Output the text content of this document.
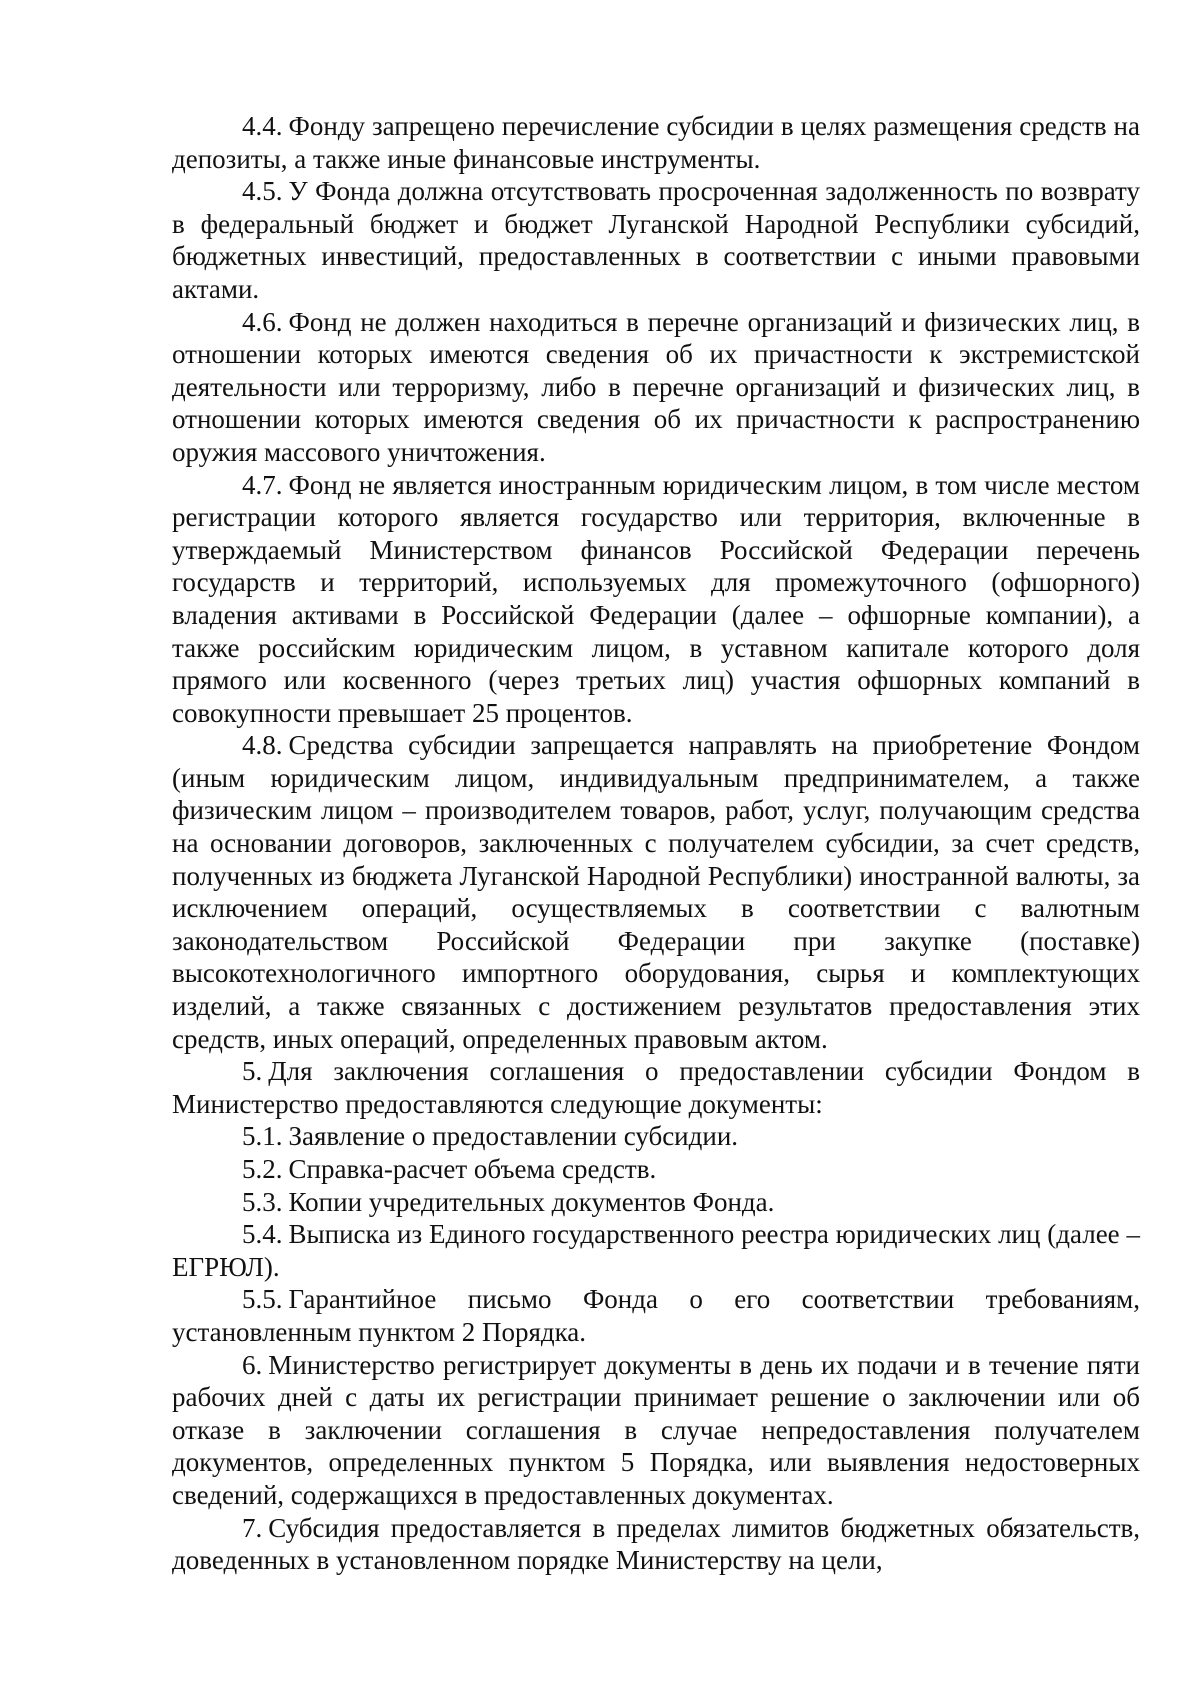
4.4. Фонду запрещено перечисление субсидии в целях размещения средств на депозиты, а также иные финансовые инструменты.

4.5. У Фонда должна отсутствовать просроченная задолженность по возврату в федеральный бюджет и бюджет Луганской Народной Республики субсидий, бюджетных инвестиций, предоставленных в соответствии с иными правовыми актами.

4.6. Фонд не должен находиться в перечне организаций и физических лиц, в отношении которых имеются сведения об их причастности к экстремистской деятельности или терроризму, либо в перечне организаций и физических лиц, в отношении которых имеются сведения об их причастности к распространению оружия массового уничтожения.

4.7. Фонд не является иностранным юридическим лицом, в том числе местом регистрации которого является государство или территория, включенные в утверждаемый Министерством финансов Российской Федерации перечень государств и территорий, используемых для промежуточного (офшорного) владения активами в Российской Федерации (далее – офшорные компании), а также российским юридическим лицом, в уставном капитале которого доля прямого или косвенного (через третьих лиц) участия офшорных компаний в совокупности превышает 25 процентов.

4.8. Средства субсидии запрещается направлять на приобретение Фондом (иным юридическим лицом, индивидуальным предпринимателем, а также физическим лицом – производителем товаров, работ, услуг, получающим средства на основании договоров, заключенных с получателем субсидии, за счет средств, полученных из бюджета Луганской Народной Республики) иностранной валюты, за исключением операций, осуществляемых в соответствии с валютным законодательством Российской Федерации при закупке (поставке) высокотехнологичного импортного оборудования, сырья и комплектующих изделий, а также связанных с достижением результатов предоставления этих средств, иных операций, определенных правовым актом.

5. Для заключения соглашения о предоставлении субсидии Фондом в Министерство предоставляются следующие документы:

5.1. Заявление о предоставлении субсидии.

5.2. Справка-расчет объема средств.

5.3. Копии учредительных документов Фонда.

5.4. Выписка из Единого государственного реестра юридических лиц (далее – ЕГРЮЛ).

5.5. Гарантийное письмо Фонда о его соответствии требованиям, установленным пунктом 2 Порядка.

6. Министерство регистрирует документы в день их подачи и в течение пяти рабочих дней с даты их регистрации принимает решение о заключении или об отказе в заключении соглашения в случае непредоставления получателем документов, определенных пунктом 5 Порядка, или выявления недостоверных сведений, содержащихся в предоставленных документах.

7. Субсидия предоставляется в пределах лимитов бюджетных обязательств, доведенных в установленном порядке Министерству на цели,
